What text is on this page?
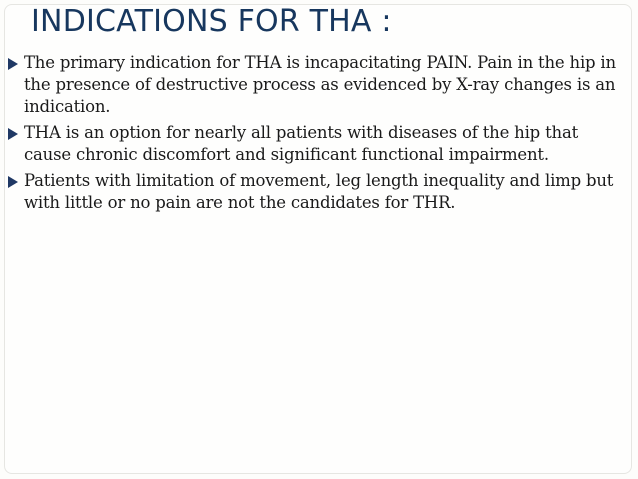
INDICATIONS FOR THA :
The primary indication for THA is incapacitating PAIN. Pain in the hip in the presence of destructive process as evidenced by X-ray changes is an indication.
THA is an option for nearly all patients with diseases of the hip that cause chronic discomfort and significant functional impairment.
Patients with limitation of movement, leg length inequality and limp but with little or no pain are not the candidates for THR.
